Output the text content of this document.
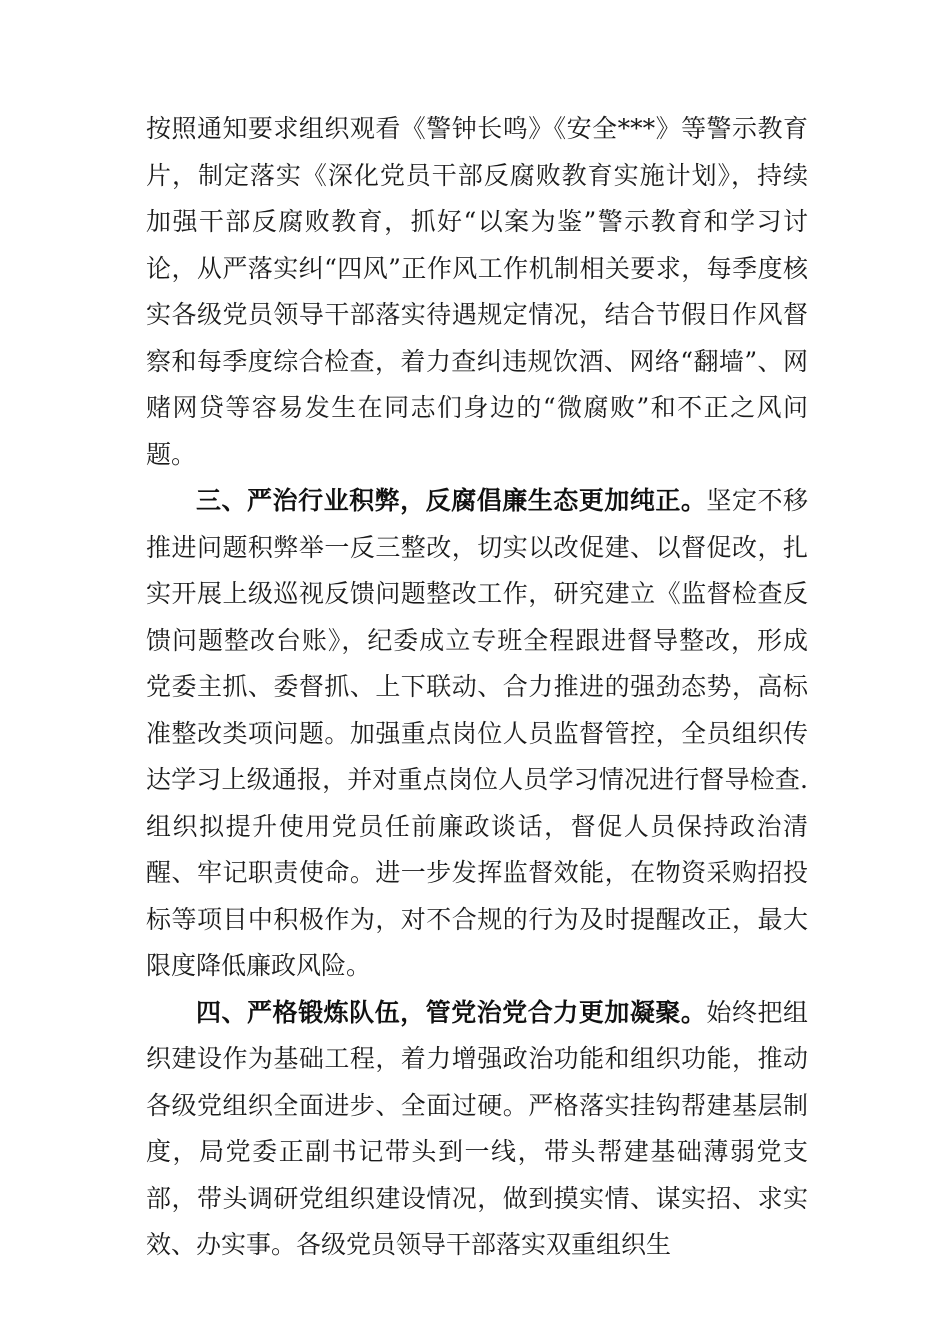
按照通知要求组织观看《警钟长鸣》《安全***》等警示教育片，制定落实《深化党员干部反腐败教育实施计划》，持续加强干部反腐败教育，抓好“以案为鉴”警示教育和学习讨论，从严落实纠“四风”正作风工作机制相关要求，每季度核实各级党员领导干部落实待遇规定情况，结合节假日作风督察和每季度综合检查，着力查纠违规饮酒、网络“翻墙”、网赌网贷等容易发生在同志们身边的“微腐败”和不正之风问题。

三、严治行业积弊，反腐倡廉生态更加纯正。坚定不移推进问题积弊举一反三整改，切实以改促建、以督促改，扎实开展上级巡视反馈问题整改工作，研究建立《监督检查反馈问题整改台账》，纪委成立专班全程跟进督导整改，形成党委主抓、委督抓、上下联动、合力推进的强劲态势，高标准整改类项问题。加强重点岗位人员监督管控，全员组织传达学习上级通报，并对重点岗位人员学习情况进行督导检查.组织拟提升使用党员任前廉政谈话，督促人员保持政治清醒、牢记职责使命。进一步发挥监督效能，在物资采购招投标等项目中积极作为，对不合规的行为及时提醒改正，最大限度降低廉政风险。

四、严格锻炼队伍，管党治党合力更加凝聚。始终把组织建设作为基础工程，着力增强政治功能和组织功能，推动各级党组织全面进步、全面过硬。严格落实挂钩帮建基层制度，局党委正副书记带头到一线，带头帮建基础薄弱党支部，带头调研党组织建设情况，做到摸实情、谋实招、求实效、办实事。各级党员领导干部落实双重组织生
